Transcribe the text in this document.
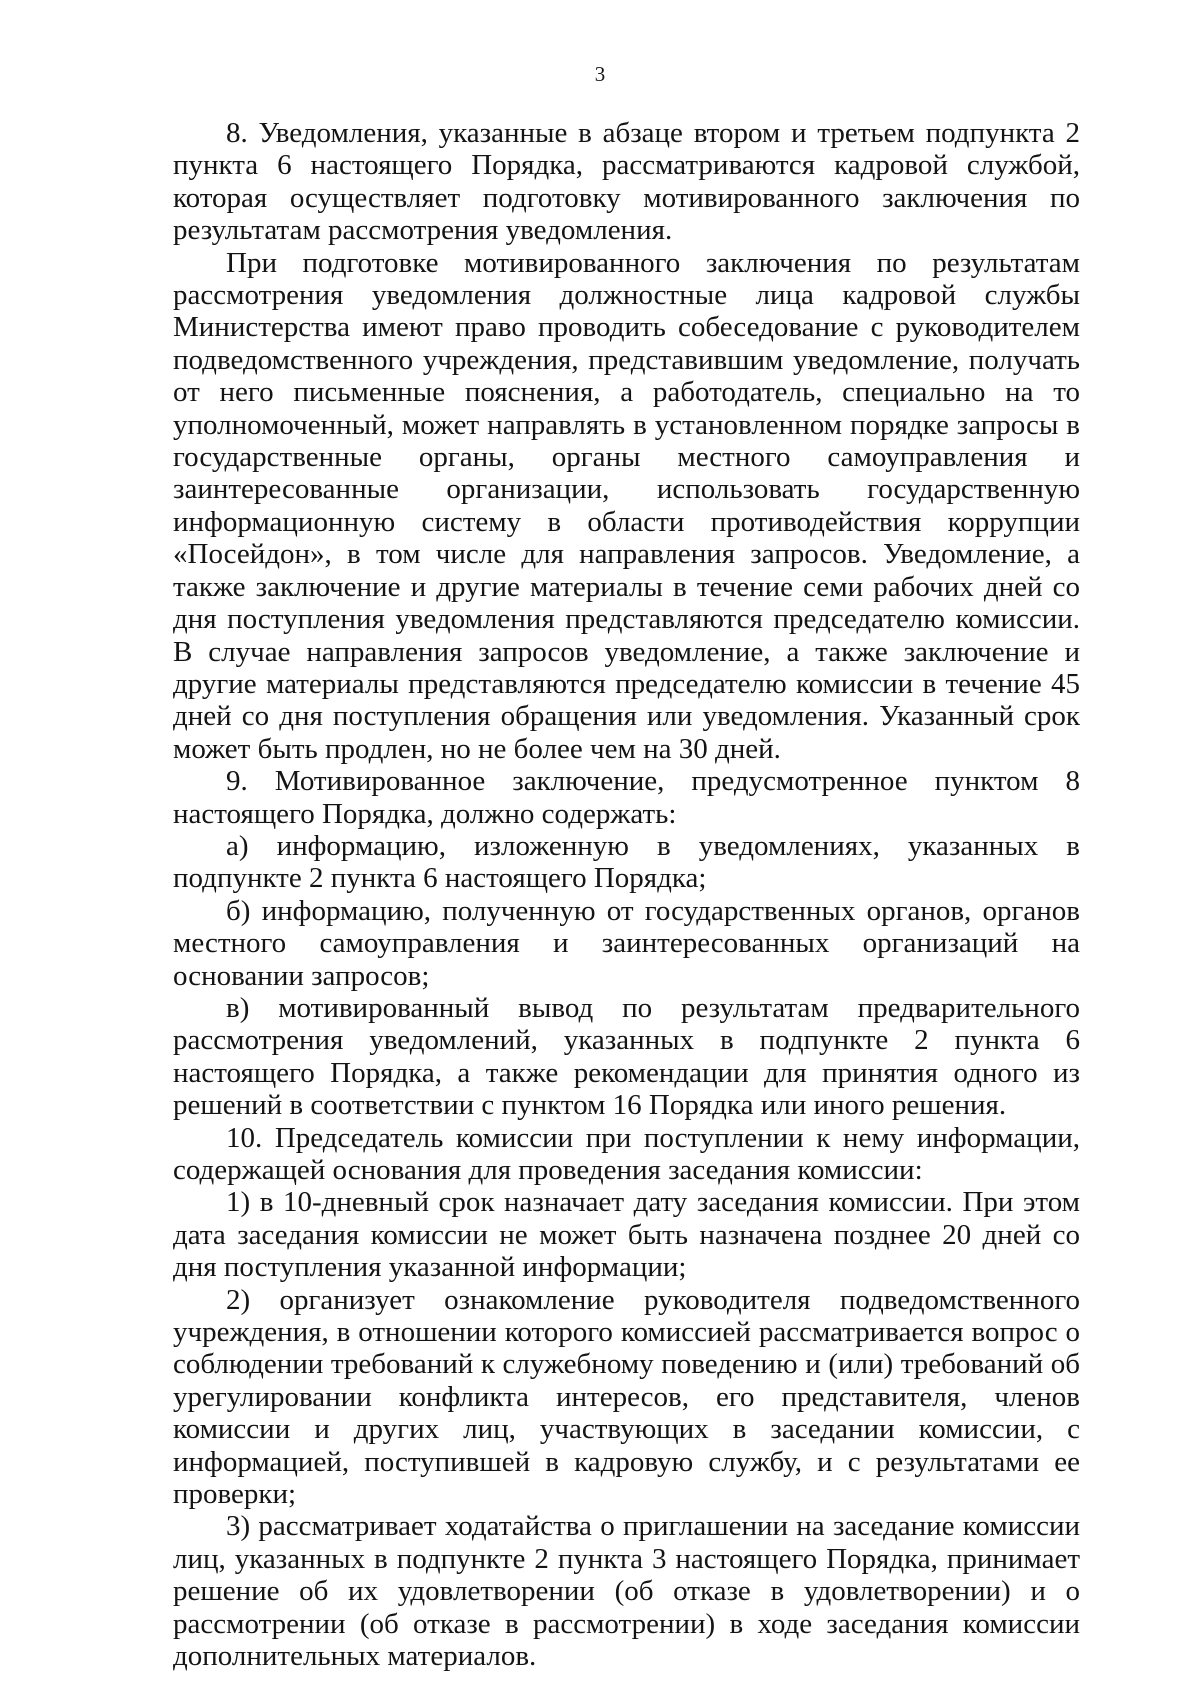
3

8. Уведомления, указанные в абзаце втором и третьем подпункта 2 пункта 6 настоящего Порядка, рассматриваются кадровой службой, которая осуществляет подготовку мотивированного заключения по результатам рассмотрения уведомления.

При подготовке мотивированного заключения по результатам рассмотрения уведомления должностные лица кадровой службы Министерства имеют право проводить собеседование с руководителем подведомственного учреждения, представившим уведомление, получать от него письменные пояснения, а работодатель, специально на то уполномоченный, может направлять в установленном порядке запросы в государственные органы, органы местного самоуправления и заинтересованные организации, использовать государственную информационную систему в области противодействия коррупции «Посейдон», в том числе для направления запросов. Уведомление, а также заключение и другие материалы в течение семи рабочих дней со дня поступления уведомления представляются председателю комиссии. В случае направления запросов уведомление, а также заключение и другие материалы представляются председателю комиссии в течение 45 дней со дня поступления обращения или уведомления. Указанный срок может быть продлен, но не более чем на 30 дней.

9. Мотивированное заключение, предусмотренное пунктом 8 настоящего Порядка, должно содержать:

а) информацию, изложенную в уведомлениях, указанных в подпункте 2 пункта 6 настоящего Порядка;

б) информацию, полученную от государственных органов, органов местного самоуправления и заинтересованных организаций на основании запросов;

в) мотивированный вывод по результатам предварительного рассмотрения уведомлений, указанных в подпункте 2 пункта 6 настоящего Порядка, а также рекомендации для принятия одного из решений в соответствии с пунктом 16 Порядка или иного решения.

10. Председатель комиссии при поступлении к нему информации, содержащей основания для проведения заседания комиссии:

1) в 10-дневный срок назначает дату заседания комиссии. При этом дата заседания комиссии не может быть назначена позднее 20 дней со дня поступления указанной информации;

2) организует ознакомление руководителя подведомственного учреждения, в отношении которого комиссией рассматривается вопрос о соблюдении требований к служебному поведению и (или) требований об урегулировании конфликта интересов, его представителя, членов комиссии и других лиц, участвующих в заседании комиссии, с информацией, поступившей в кадровую службу, и с результатами ее проверки;

3) рассматривает ходатайства о приглашении на заседание комиссии лиц, указанных в подпункте 2 пункта 3 настоящего Порядка, принимает решение об их удовлетворении (об отказе в удовлетворении) и о рассмотрении (об отказе в рассмотрении) в ходе заседания комиссии дополнительных материалов.
